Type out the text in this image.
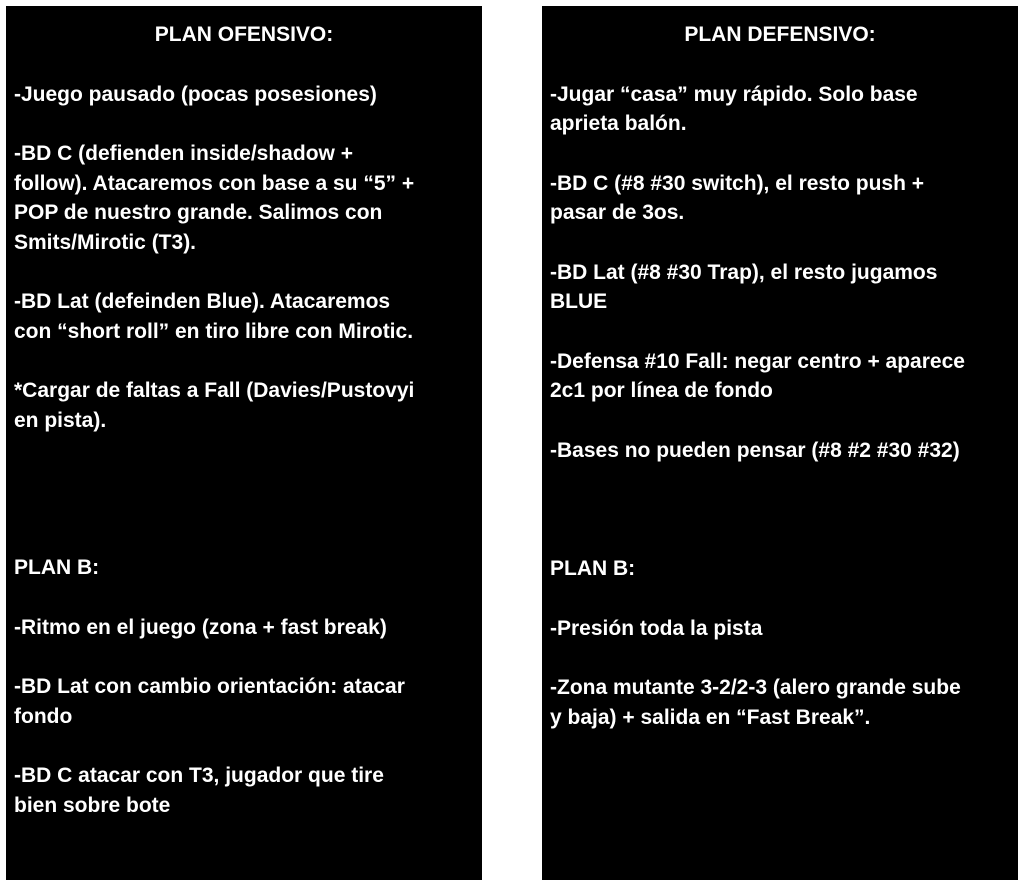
PLAN OFENSIVO:

-Juego pausado (pocas posesiones)

-BD C (defienden inside/shadow +
follow). Atacaremos con base a su “5” +
POP de nuestro grande. Salimos con
Smits/Mirotic (T3).

-BD Lat (defeinden Blue). Atacaremos
con “short roll” en tiro libre con Mirotic.

*Cargar de faltas a Fall (Davies/Pustovyi
en pista).

PLAN B:

-Ritmo en el juego (zona + fast break)

-BD Lat con cambio orientación: atacar
fondo

-BD C atacar con T3, jugador que tire
bien sobre bote

PLAN DEFENSIVO:

-Jugar “casa” muy rápido. Solo base
aprieta balón.

-BD C (#8 #30 switch), el resto push +
pasar de 3os.

-BD Lat (#8 #30 Trap), el resto jugamos
BLUE

-Defensa #10 Fall: negar centro + aparece
2c1 por línea de fondo

-Bases no pueden pensar (#8 #2 #30 #32)

PLAN B:

-Presión toda la pista

-Zona mutante 3-2/2-3 (alero grande sube
y baja) + salida en “Fast Break”.
